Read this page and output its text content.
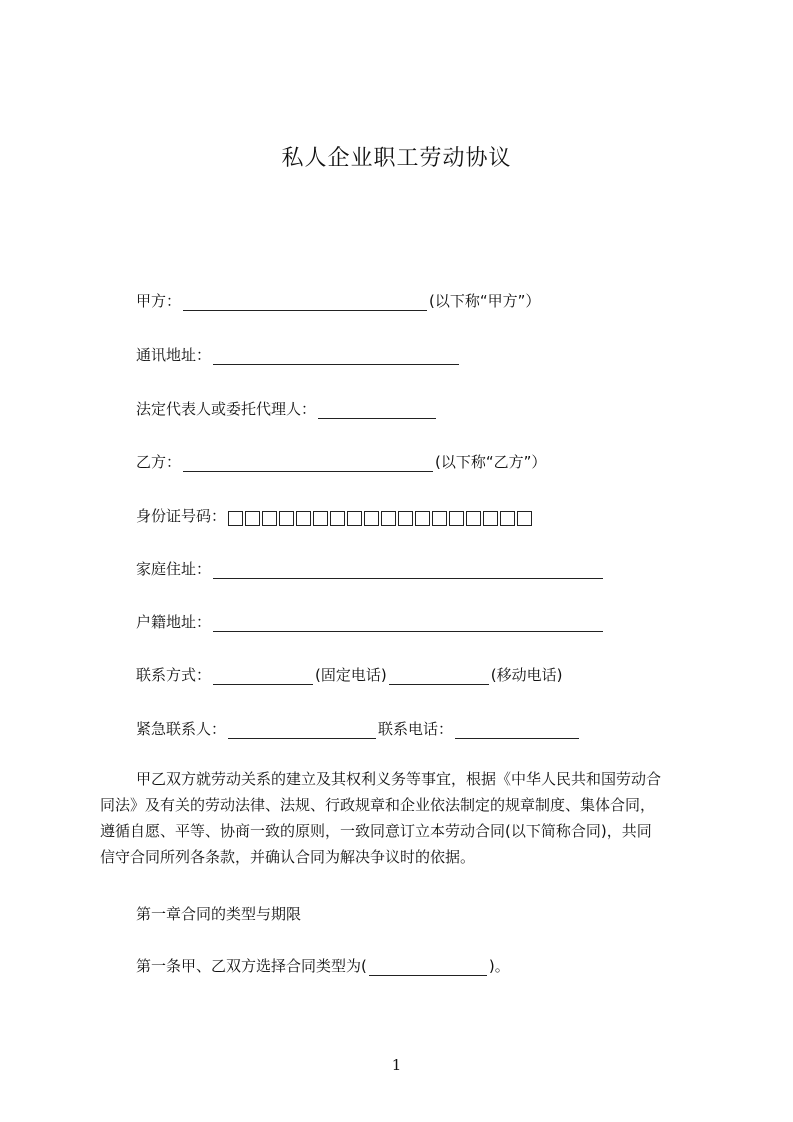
私人企业职工劳动协议
甲方：	(以下称“甲方”）
通讯地址：
法定代表人或委托代理人：
乙方：	(以下称“乙方”）
身份证号码：
家庭住址：
户籍地址：
联系方式：	(固定电话)	(移动电话)
紧急联系人：	联系电话：
甲乙双方就劳动关系的建立及其权利义务等事宜，根据《中华人民共和国劳动合
同法》及有关的劳动法律、法规、行政规章和企业依法制定的规章制度、集体合同，
遵循自愿、平等、协商一致的原则，一致同意订立本劳动合同(以下简称合同)，共同
信守合同所列各条款，并确认合同为解决争议时的依据。
第一章合同的类型与期限
第一条甲、乙双方选择合同类型为(	)。
1
